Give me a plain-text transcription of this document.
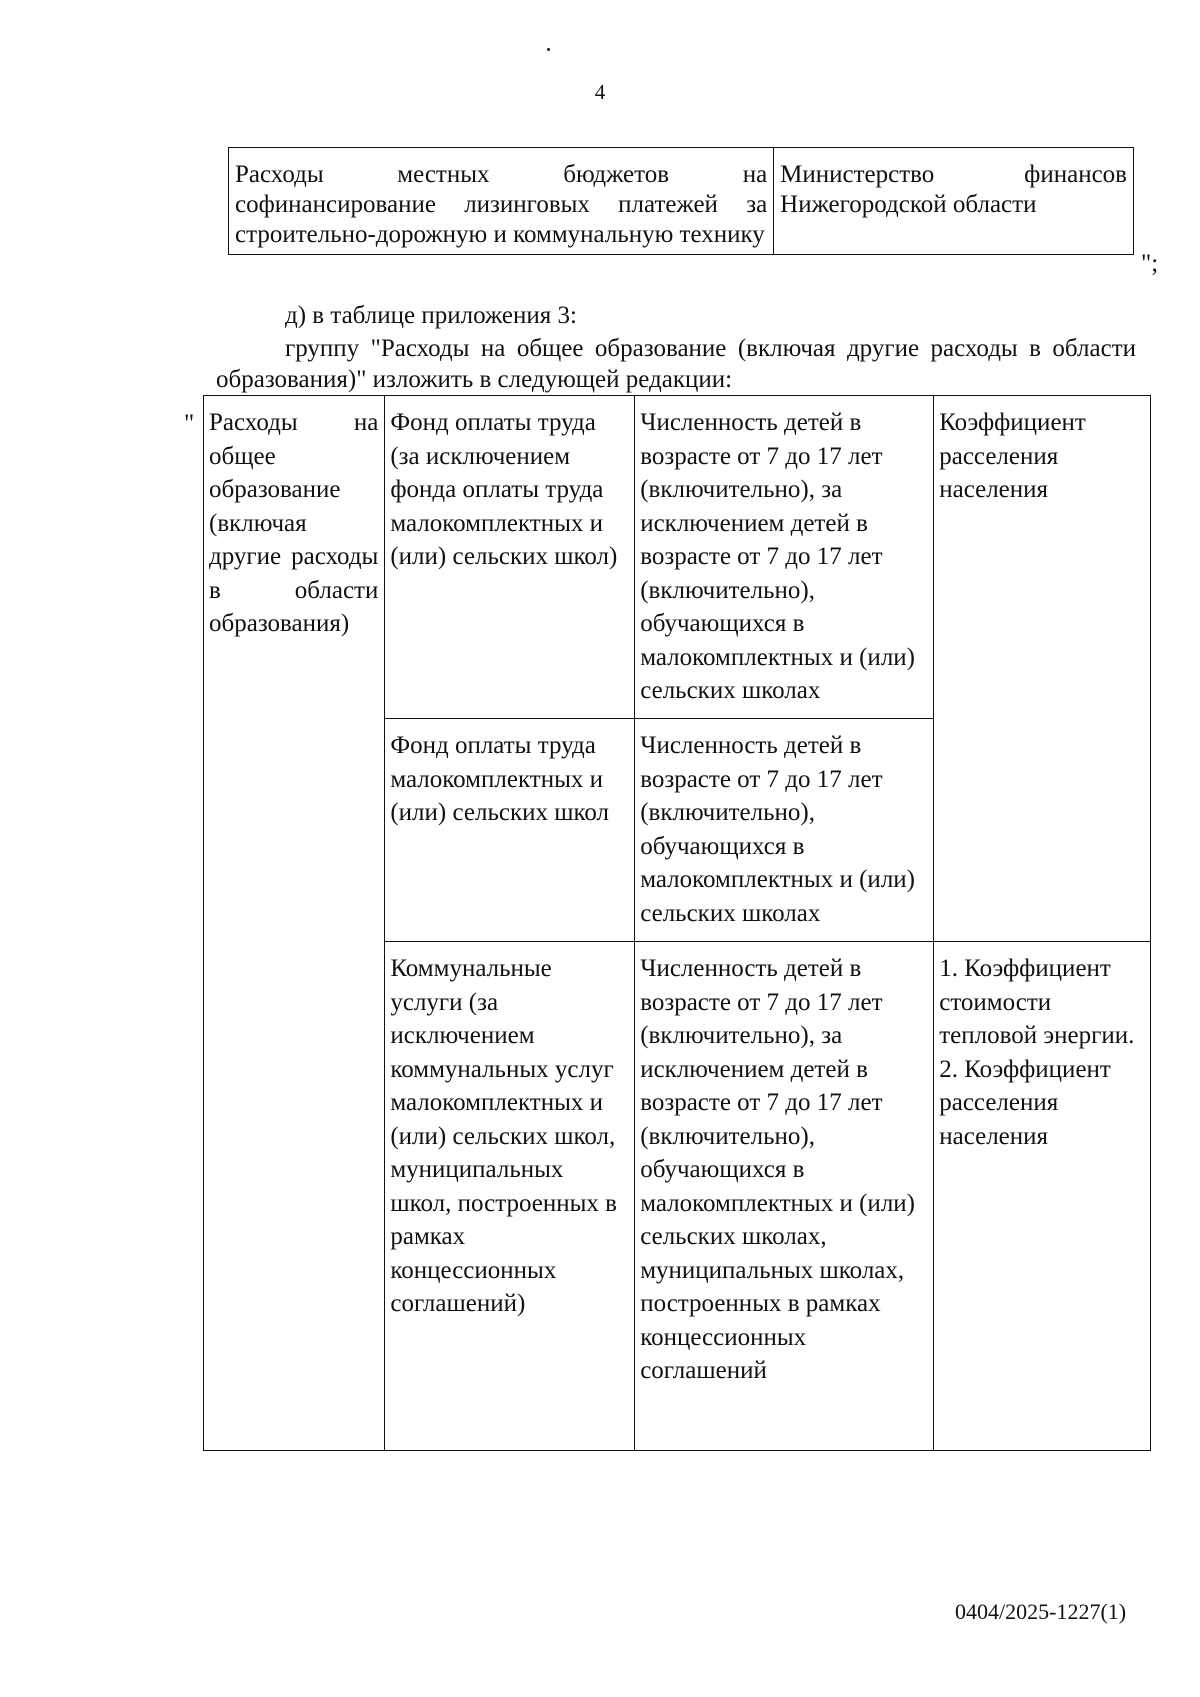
4
Расходы местных бюджетов на софинансирование лизинговых платежей за строительно-дорожную и коммунальную технику	Министерство финансов Нижегородской области
";
д) в таблице приложения 3:
группу "Расходы на общее образование (включая другие расходы в области образования)" изложить в следующей редакции:
" Расходы на общее образование (включая другие расходы в области образования)	Фонд оплаты труда (за исключением фонда оплаты труда малокомплектных и (или) сельских школ)	Численность детей в возрасте от 7 до 17 лет (включительно), за исключением детей в возрасте от 7 до 17 лет (включительно), обучающихся в малокомплектных и (или) сельских школах	Коэффициент расселения населения
	Фонд оплаты труда малокомплектных и (или) сельских школ	Численность детей в возрасте от 7 до 17 лет (включительно), обучающихся в малокомплектных и (или) сельских школах	
	Коммунальные услуги (за исключением коммунальных услуг малокомплектных и (или) сельских школ, муниципальных школ, построенных в рамках концессионных соглашений)	Численность детей в возрасте от 7 до 17 лет (включительно), за исключением детей в возрасте от 7 до 17 лет (включительно), обучающихся в малокомплектных и (или) сельских школах, муниципальных школах, построенных в рамках концессионных соглашений	1. Коэффициент стоимости тепловой энергии.
2. Коэффициент расселения населения
0404/2025-1227(1)
